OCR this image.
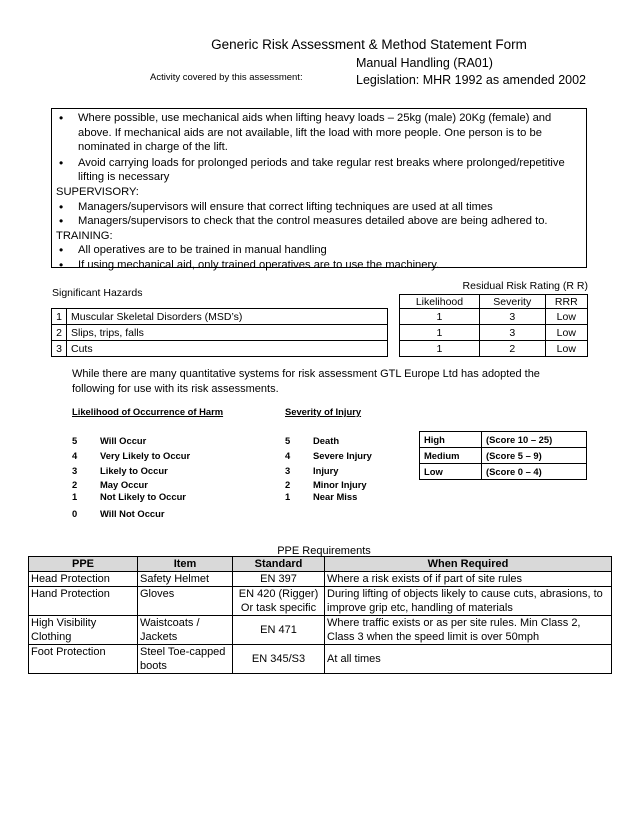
Generic Risk Assessment & Method Statement Form
Activity covered by this assessment:
Manual Handling (RA01)
Legislation: MHR 1992 as amended 2002
• Where possible, use mechanical aids when lifting heavy loads – 25kg (male) 20Kg (female) and above. If mechanical aids are not available, lift the load with more people. One person is to be nominated in charge of the lift.
• Avoid carrying loads for prolonged periods and take regular rest breaks where prolonged/repetitive lifting is necessary
SUPERVISORY:
• Managers/supervisors will ensure that correct lifting techniques are used at all times
• Managers/supervisors to check that the control measures detailed above are being adhered to.
TRAINING:
• All operatives are to be trained in manual handling
• If using mechanical aid, only trained operatives are to use the machinery.
Significant Hazards
1	Muscular Skeletal Disorders (MSD’s)
2	Slips, trips, falls
3	Cuts
Residual Risk Rating (R R)
Likelihood	Severity	RRR
1	3	Low
1	3	Low
1	2	Low
While there are many quantitative systems for risk assessment GTL Europe Ltd has adopted the following for use with its risk assessments.
Likelihood of Occurrence of Harm	Severity of Injury
5 Will Occur
4 Very Likely to Occur
3 Likely to Occur
2 May Occur
1 Not Likely to Occur
0 Will Not Occur
5 Death
4 Severe Injury
3 Injury
2 Minor Injury
1 Near Miss
High	(Score 10 – 25)
Medium	(Score 5 – 9)
Low	(Score 0 – 4)
PPE Requirements
PPE	Item	Standard	When Required
Head Protection	Safety Helmet	EN 397	Where a risk exists of if part of site rules
Hand Protection	Gloves	EN 420 (Rigger) Or task specific	During lifting of objects likely to cause cuts, abrasions, to improve grip etc, handling of materials
High Visibility Clothing	Waistcoats / Jackets	EN 471	Where traffic exists or as per site rules. Min Class 2, Class 3 when the speed limit is over 50mph
Foot Protection	Steel Toe-capped boots	EN 345/S3	At all times
